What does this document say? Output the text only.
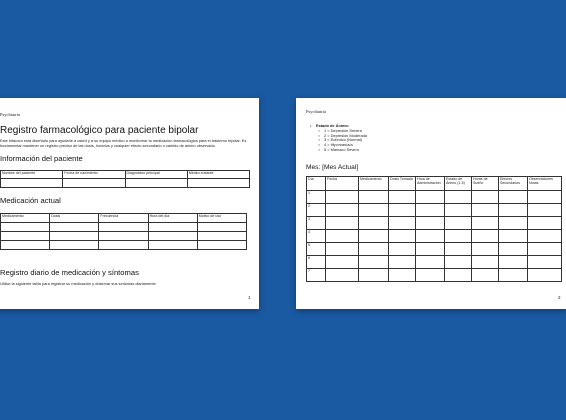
Psychiatria
Registro farmacológico para paciente bipolar
Este bitácora está diseñado para ayudarle a usted y a su equipo médico a monitorear la medicación farmacológica para el trastorno bipolar. Es fundamental mantener un registro preciso de las dosis, horarios y cualquier efecto secundario o cambio de ánimo observado.
Información del paciente
Nombre del paciente	Fecha de nacimiento	Diagnóstico principal	Médico tratante

Medicación actual
Medicamento	Dosis	Frecuencia	Hora del día	Motivo de uso

Registro diario de medicación y síntomas
Utilice la siguiente tabla para registrar su medicación y observar sus síntomas diariamente.
1
Psychiatria
• Estado de Ánimo:
○ 1 = Depresión Severa
○ 2 = Depresión Moderada
○ 3 = Eutímico (Normal)
○ 4 = Hipomanía/a
○ 5 = Maníaco Severo
Mes: [Mes Actual]
Día	Fecha	Medicamento	Dosis Tomada	Hora de Administración	Estado de Ánimo (1-5)	Horas de Sueño	Efectos Secundarios	Observaciones Notas
1								
2								
3								
4								
5								
6								
7								
2
